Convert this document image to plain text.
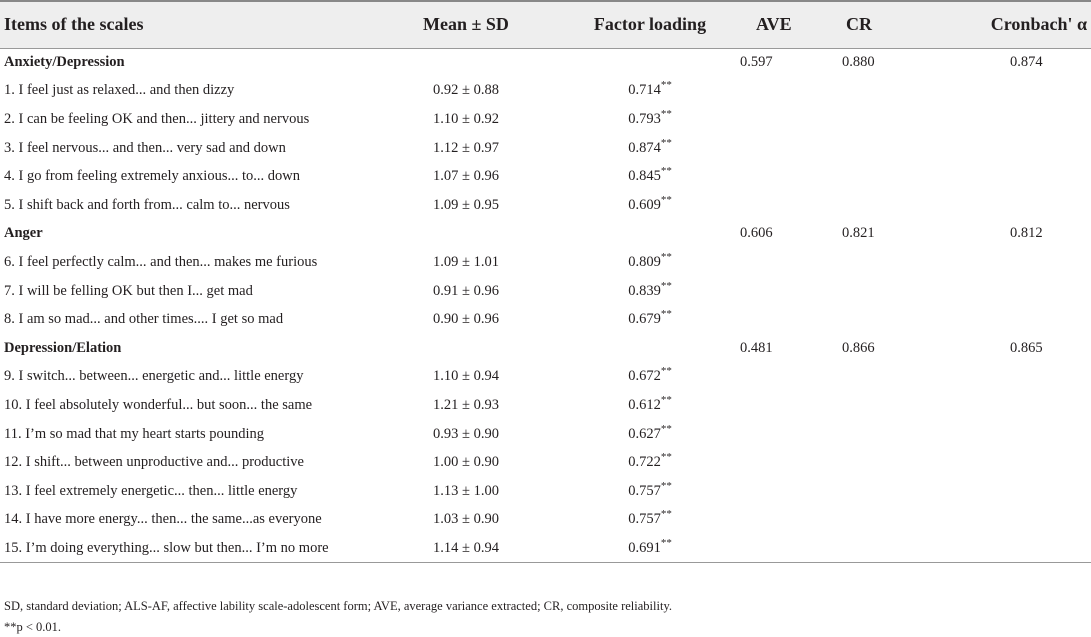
Items of the scales	Mean ± SD	Factor loading	AVE	CR	Cronbach' α
Anxiety/Depression			0.597	0.880	0.874
1. I feel just as relaxed... and then dizzy	0.92 ± 0.88	0.714**			
2. I can be feeling OK and then... jittery and nervous	1.10 ± 0.92	0.793**			
3. I feel nervous... and then... very sad and down	1.12 ± 0.97	0.874**			
4. I go from feeling extremely anxious... to... down	1.07 ± 0.96	0.845**			
5. I shift back and forth from... calm to... nervous	1.09 ± 0.95	0.609**			
Anger			0.606	0.821	0.812
6. I feel perfectly calm... and then... makes me furious	1.09 ± 1.01	0.809**			
7. I will be felling OK but then I... get mad	0.91 ± 0.96	0.839**			
8. I am so mad... and other times.... I get so mad	0.90 ± 0.96	0.679**			
Depression/Elation			0.481	0.866	0.865
9. I switch... between... energetic and... little energy	1.10 ± 0.94	0.672**			
10. I feel absolutely wonderful... but soon... the same	1.21 ± 0.93	0.612**			
11. I’m so mad that my heart starts pounding	0.93 ± 0.90	0.627**			
12. I shift... between unproductive and... productive	1.00 ± 0.90	0.722**			
13. I feel extremely energetic... then... little energy	1.13 ± 1.00	0.757**			
14. I have more energy... then... the same...as everyone	1.03 ± 0.90	0.757**			
15. I’m doing everything... slow but then... I’m no more	1.14 ± 0.94	0.691**			
SD, standard deviation; ALS-AF, affective lability scale-adolescent form; AVE, average variance extracted; CR, composite reliability.
**p < 0.01.
